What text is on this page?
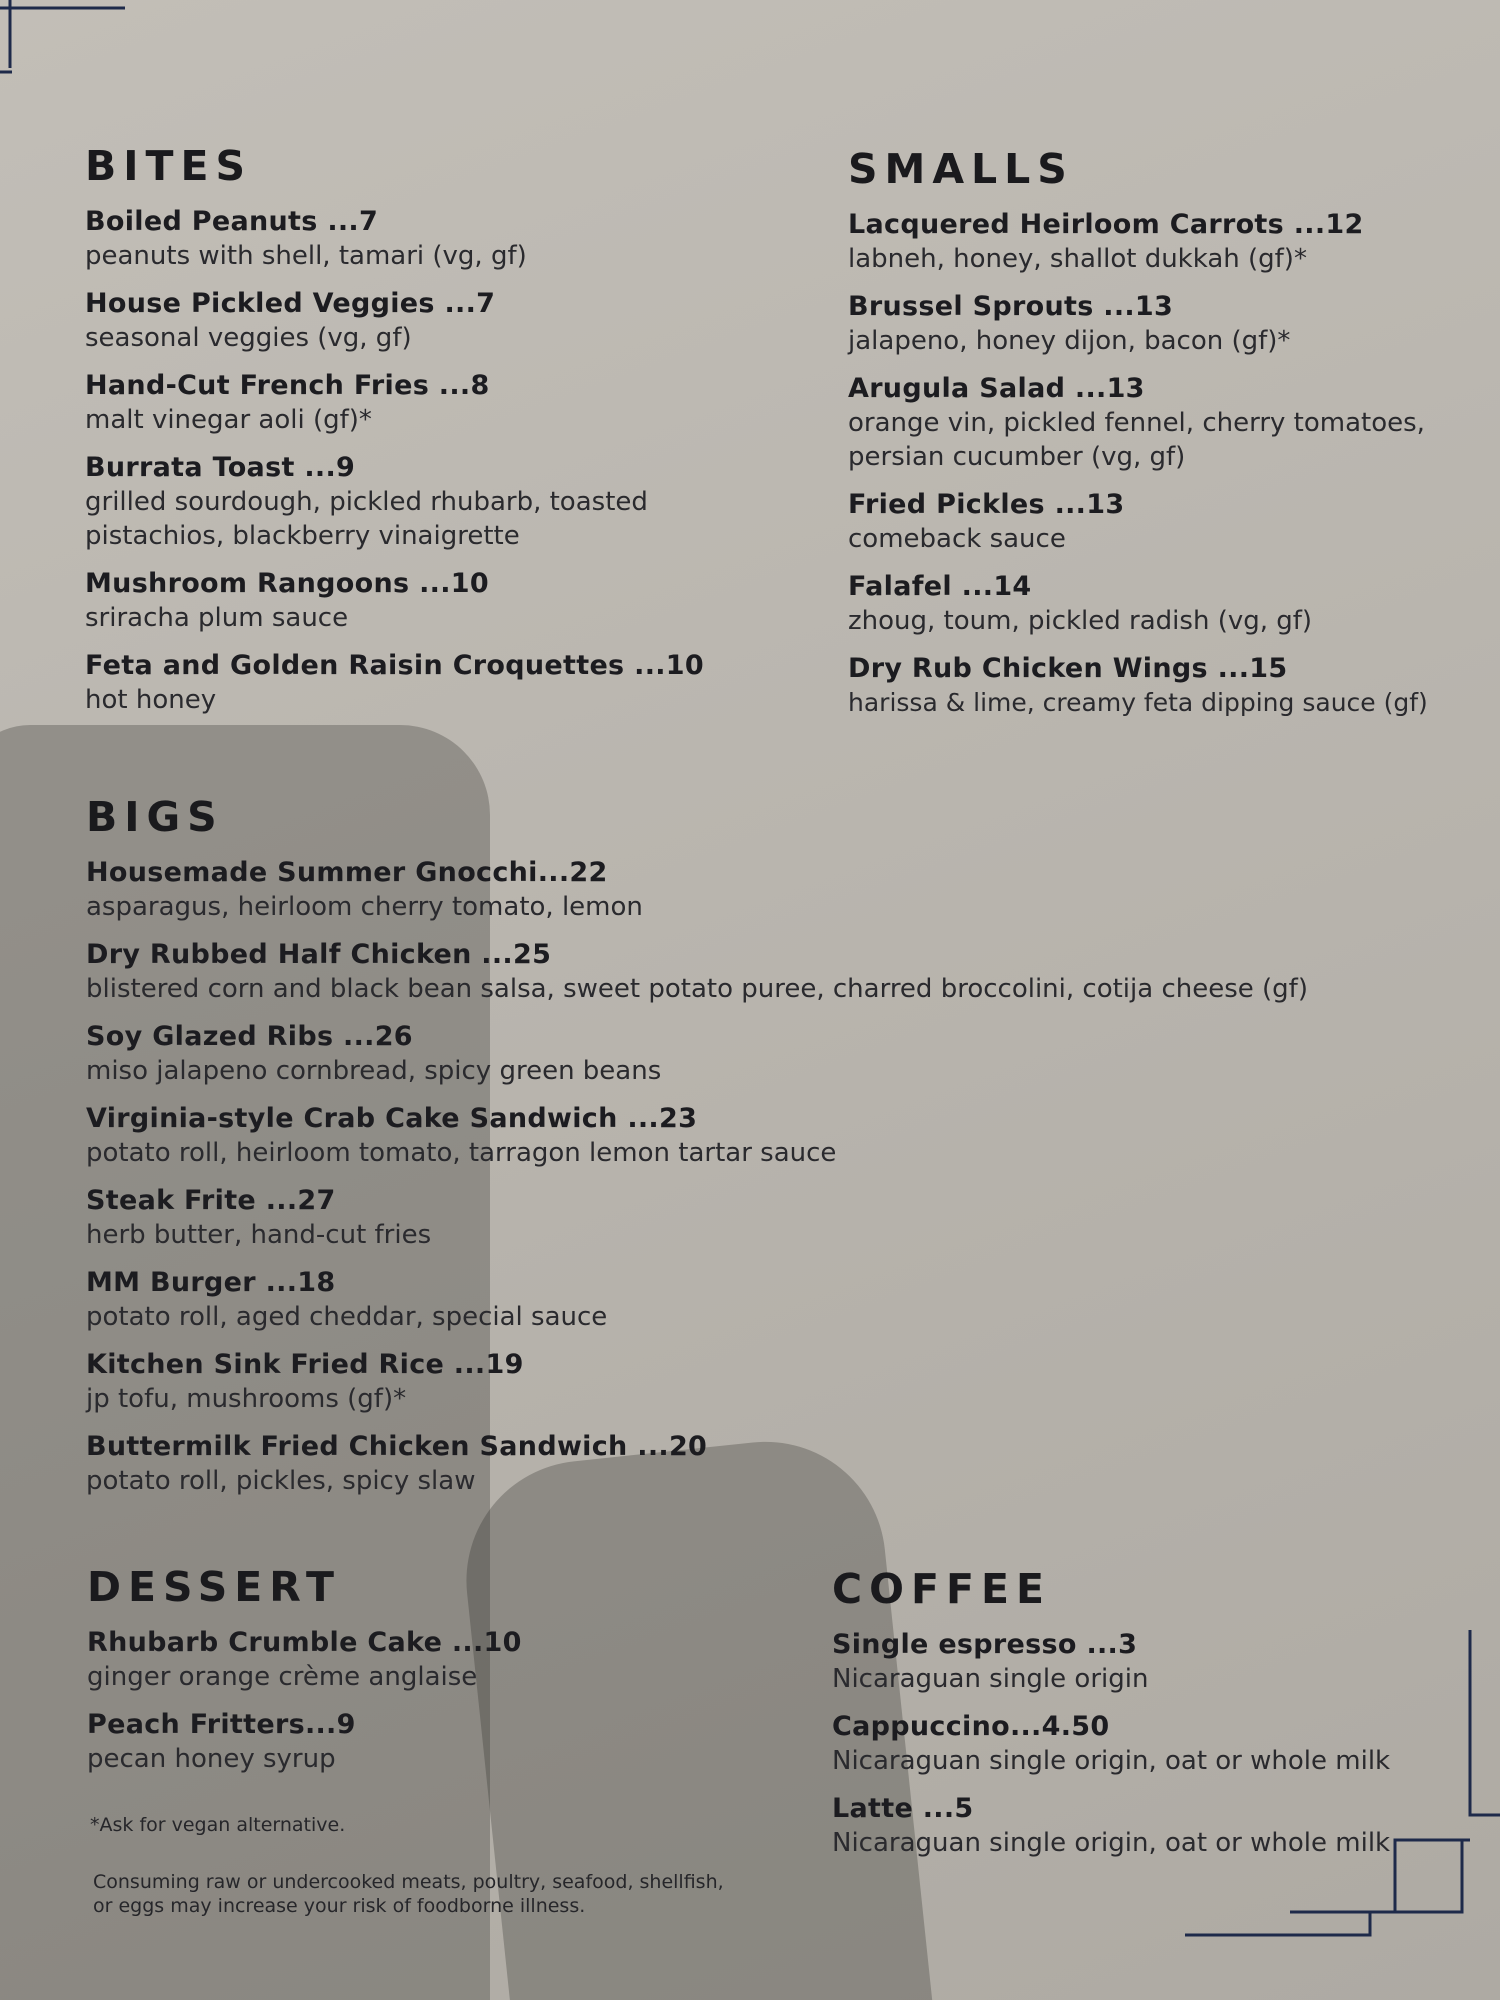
BITES
Boiled Peanuts ...7
peanuts with shell, tamari (vg, gf)
House Pickled Veggies ...7
seasonal veggies (vg, gf)
Hand-Cut French Fries ...8
malt vinegar aoli (gf)*
Burrata Toast ...9
grilled sourdough, pickled rhubarb, toasted pistachios, blackberry vinaigrette
Mushroom Rangoons ...10
sriracha plum sauce
Feta and Golden Raisin Croquettes ...10
hot honey
SMALLS
Lacquered Heirloom Carrots ...12
labneh, honey, shallot dukkah (gf)*
Brussel Sprouts ...13
jalapeno, honey dijon, bacon (gf)*
Arugula Salad ...13
orange vin, pickled fennel, cherry tomatoes, persian cucumber (vg, gf)
Fried Pickles ...13
comeback sauce
Falafel ...14
zhoug, toum, pickled radish (vg, gf)
Dry Rub Chicken Wings ...15
harissa & lime, creamy feta dipping sauce (gf)
BIGS
Housemade Summer Gnocchi...22
asparagus, heirloom cherry tomato, lemon
Dry Rubbed Half Chicken ...25
blistered corn and black bean salsa, sweet potato puree, charred broccolini, cotija cheese (gf)
Soy Glazed Ribs ...26
miso jalapeno cornbread, spicy green beans
Virginia-style Crab Cake Sandwich ...23
potato roll, heirloom tomato, tarragon lemon tartar sauce
Steak Frite ...27
herb butter, hand-cut fries
MM Burger ...18
potato roll, aged cheddar, special sauce
Kitchen Sink Fried Rice ...19
jp tofu, mushrooms (gf)*
Buttermilk Fried Chicken Sandwich ...20
potato roll, pickles, spicy slaw
DESSERT
Rhubarb Crumble Cake ...10
ginger orange crème anglaise
Peach Fritters...9
pecan honey syrup
COFFEE
Single espresso ...3
Nicaraguan single origin
Cappuccino...4.50
Nicaraguan single origin, oat or whole milk
Latte ...5
Nicaraguan single origin, oat or whole milk
*Ask for vegan alternative.
Consuming raw or undercooked meats, poultry, seafood, shellfish,
or eggs may increase your risk of foodborne illness.
